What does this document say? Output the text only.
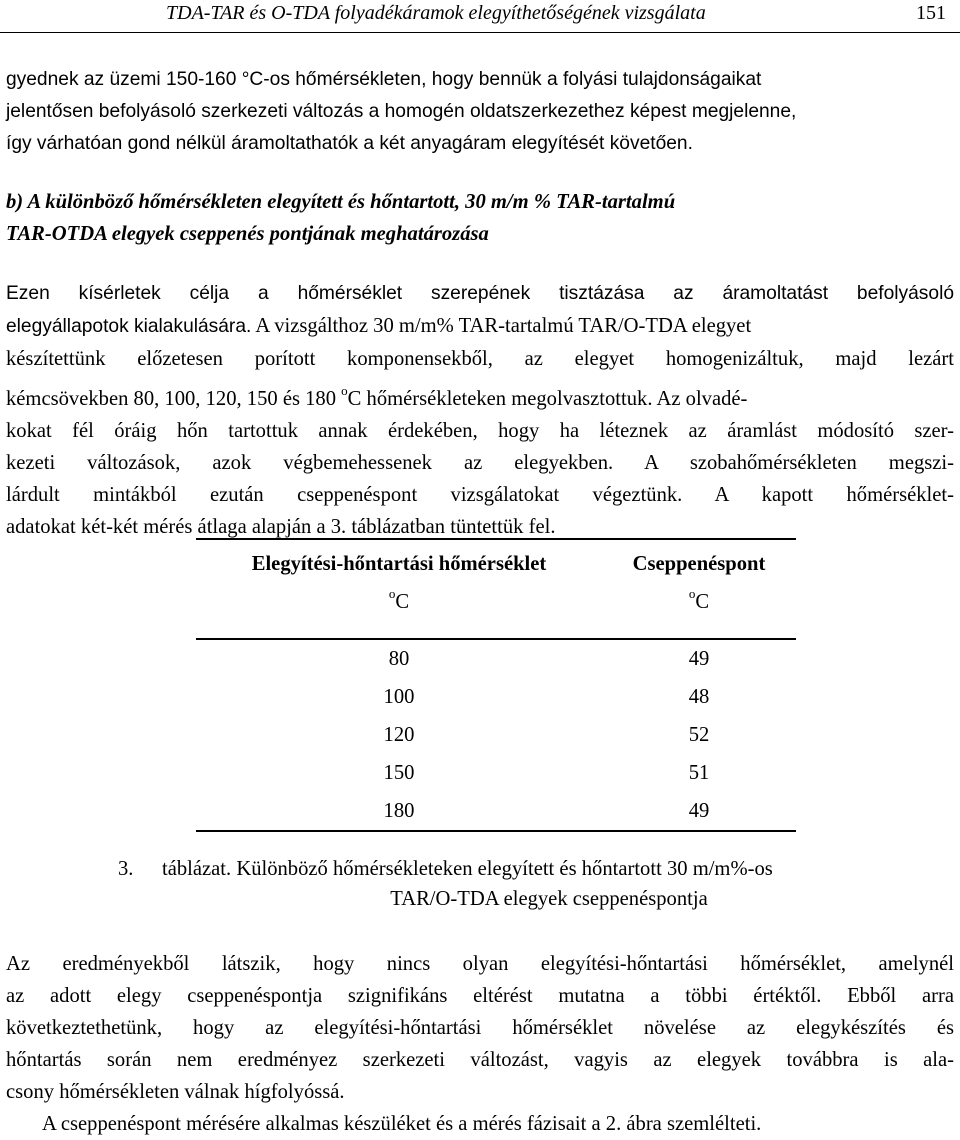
TDA-TAR és O-TDA folyadékáramok elegyíthetőségének vizsgálata	151
gyednek az üzemi 150-160 °C-os hőmérsékleten, hogy bennük a folyási tulajdonságaikat
jelentősen befolyásoló szerkezeti változás a homogén oldatszerkezethez képest megjelenne,
így várhatóan gond nélkül áramoltathatók a két anyagáram elegyítését követően.
b) A különböző hőmérsékleten elegyített és hőntartott, 30 m/m % TAR-tartalmú
TAR-OTDA elegyek cseppenés pontjának meghatározása
Ezen kísérletek célja a hőmérséklet szerepének tisztázása az áramoltatást befolyásoló
elegyállapotok kialakulására. A vizsgálthoz 30 m/m% TAR-tartalmú TAR/O-TDA elegyet
készítettünk előzetesen porított komponensekből, az elegyet homogenizáltuk, majd lezárt
kémcsövekben 80, 100, 120, 150 és 180 $^o$C hőmérsékleteken megolvasztottuk. Az olvadé-
kokat fél óráig hőn tartottuk annak érdekében, hogy ha léteznek az áramlást módosító szer-
kezeti változások, azok végbemehessenek az elegyekben. A szobahőmérsékleten megszi-
lárdult mintákból ezután cseppenéspont vizsgálatokat végeztünk. A kapott hőmérséklet-
adatokat két-két mérés átlaga alapján a 3. táblázatban tüntettük fel.
Elegyítési-hőntartási hőmérséklet	Cseppenéspont
$^o$C	$^o$C
80	49
100	48
120	52
150	51
180	49
3. táblázat. Különböző hőmérsékleteken elegyített és hőntartott 30 m/m%-os
TAR/O-TDA elegyek cseppenéspontja
Az eredményekből látszik, hogy nincs olyan elegyítési-hőntartási hőmérséklet, amelynél
az adott elegy cseppenéspontja szignifikáns eltérést mutatna a többi értéktől. Ebből arra
következtethetünk, hogy az elegyítési-hőntartási hőmérséklet növelése az elegykészítés és
hőntartás során nem eredményez szerkezeti változást, vagyis az elegyek továbbra is ala-
csony hőmérsékleten válnak hígfolyóssá.
A cseppenéspont mérésére alkalmas készüléket és a mérés fázisait a 2. ábra szemlélteti.
